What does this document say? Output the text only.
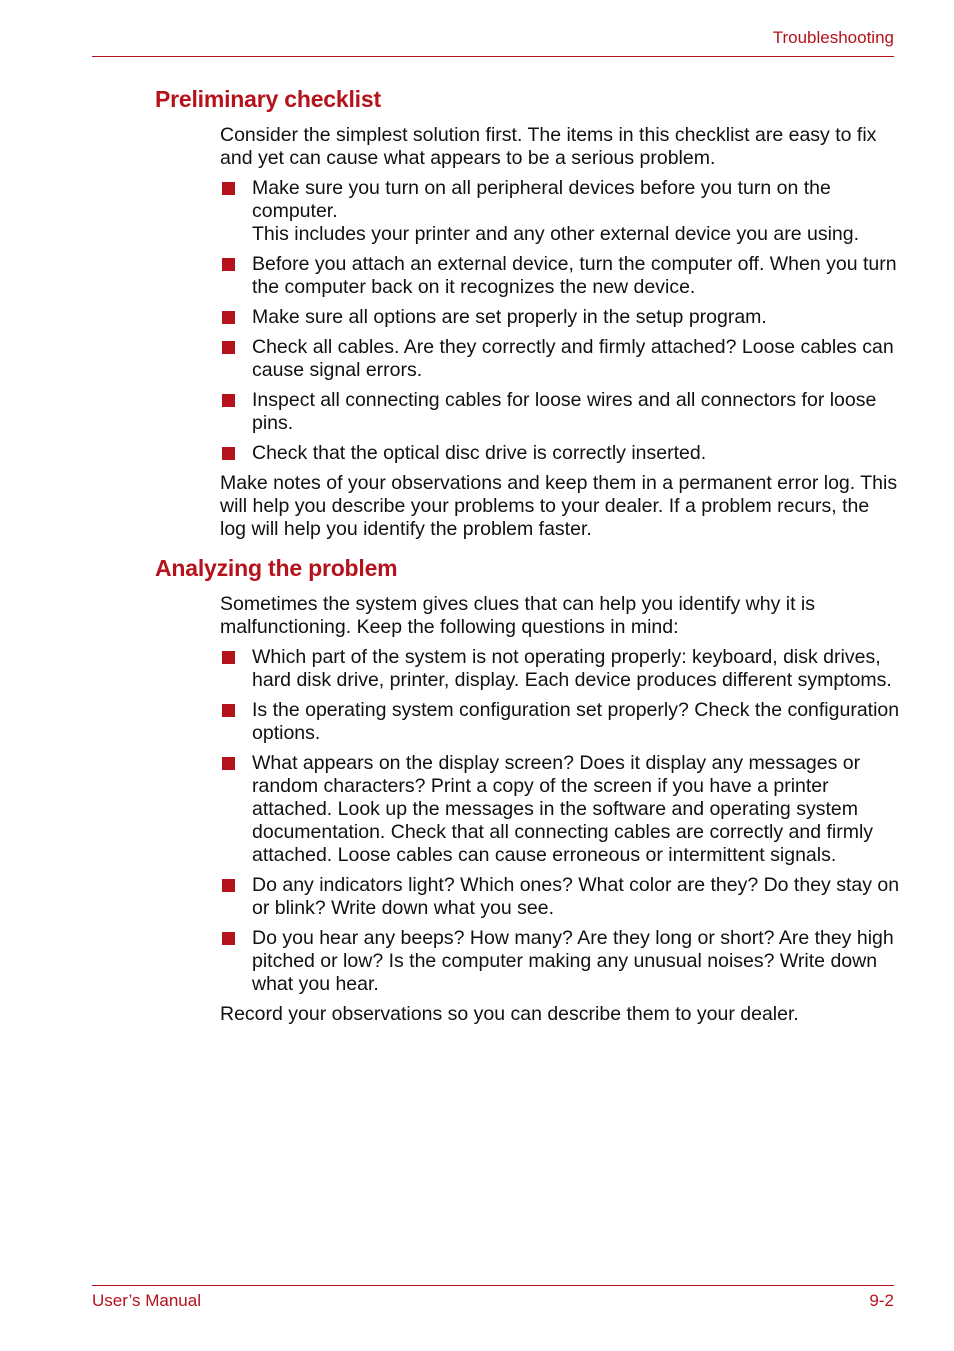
Troubleshooting
Preliminary checklist

Consider the simplest solution first. The items in this checklist are easy to fix and yet can cause what appears to be a serious problem.

Make sure you turn on all peripheral devices before you turn on the computer.
This includes your printer and any other external device you are using.
Before you attach an external device, turn the computer off. When you turn the computer back on it recognizes the new device.
Make sure all options are set properly in the setup program.
Check all cables. Are they correctly and firmly attached? Loose cables can cause signal errors.
Inspect all connecting cables for loose wires and all connectors for loose pins.
Check that the optical disc drive is correctly inserted.

Make notes of your observations and keep them in a permanent error log. This will help you describe your problems to your dealer. If a problem recurs, the log will help you identify the problem faster.

Analyzing the problem

Sometimes the system gives clues that can help you identify why it is malfunctioning. Keep the following questions in mind:

Which part of the system is not operating properly: keyboard, disk drives, hard disk drive, printer, display. Each device produces different symptoms.
Is the operating system configuration set properly? Check the configuration options.
What appears on the display screen? Does it display any messages or random characters? Print a copy of the screen if you have a printer attached. Look up the messages in the software and operating system documentation. Check that all connecting cables are correctly and firmly attached. Loose cables can cause erroneous or intermittent signals.
Do any indicators light? Which ones? What color are they? Do they stay on or blink? Write down what you see.
Do you hear any beeps? How many? Are they long or short? Are they high pitched or low? Is the computer making any unusual noises? Write down what you hear.

Record your observations so you can describe them to your dealer.

User’s Manual	9-2
